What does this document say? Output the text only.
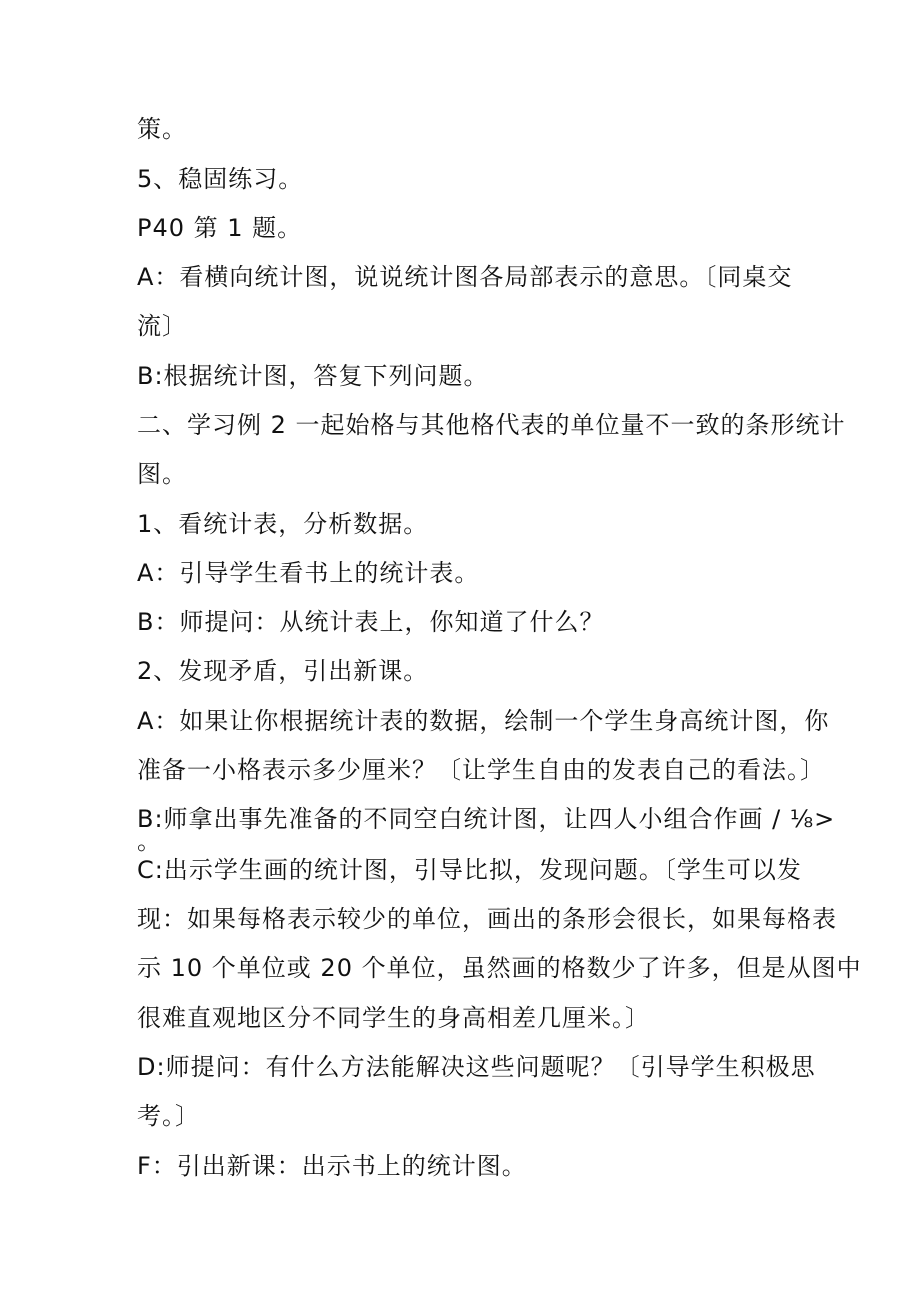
策。
5、稳固练习。
P40 第 1 题。
A：看横向统计图，说说统计图各局部表示的意思。〔同桌交
流〕
B:根据统计图，答复下列问题。
二、学习例 2 一起始格与其他格代表的单位量不一致的条形统计
图。
1、看统计表，分析数据。
A：引导学生看书上的统计表。
B：师提问：从统计表上，你知道了什么？
2、发现矛盾，引出新课。
A：如果让你根据统计表的数据，绘制一个学生身高统计图，你
准备一小格表示多少厘米？〔让学生自由的发表自己的看法。〕
B:师拿出事先准备的不同空白统计图，让四人小组合作画 / ⅛>
。
C:出示学生画的统计图，引导比拟，发现问题。〔学生可以发
现：如果每格表示较少的单位，画出的条形会很长，如果每格表
示 10 个单位或 20 个单位，虽然画的格数少了许多，但是从图中
很难直观地区分不同学生的身高相差几厘米。〕
D:师提问：有什么方法能解决这些问题呢？〔引导学生积极思
考。〕
F：引出新课：出示书上的统计图。
